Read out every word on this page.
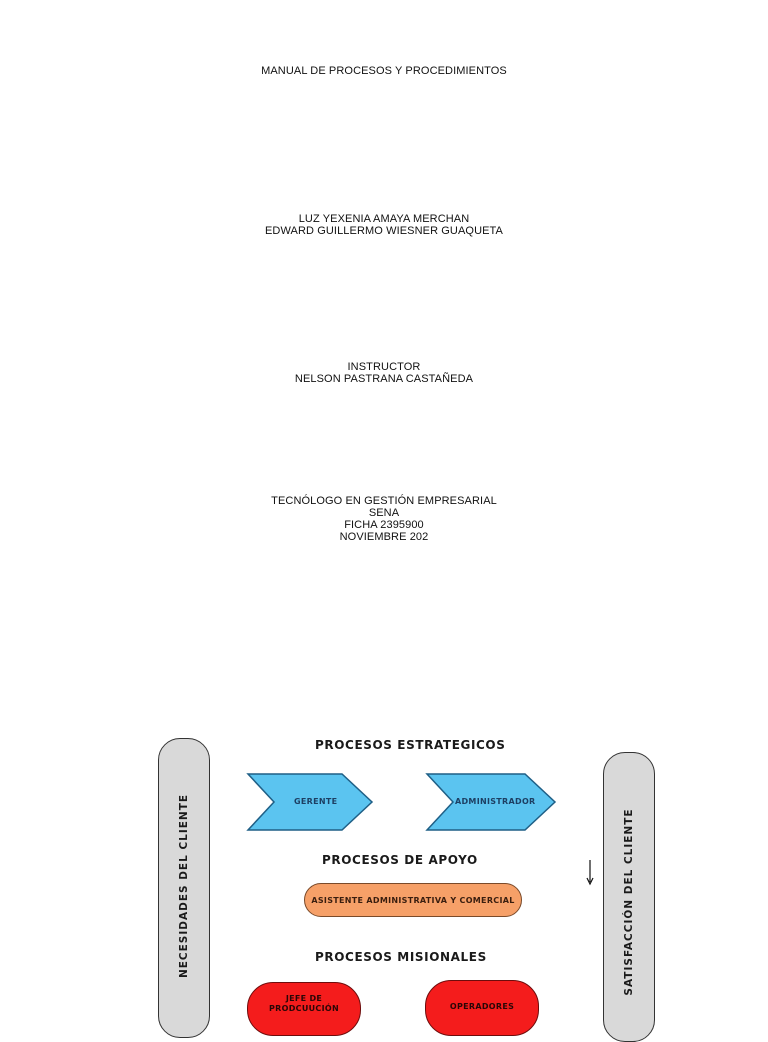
MANUAL DE PROCESOS Y PROCEDIMIENTOS
LUZ YEXENIA AMAYA MERCHAN
EDWARD GUILLERMO WIESNER GUAQUETA
INSTRUCTOR
NELSON PASTRANA CASTAÑEDA
TECNÓLOGO EN GESTIÓN EMPRESARIAL
SENA
FICHA 2395900
NOVIEMBRE 202
NECESIDADES DEL CLIENTE	SATISFACCIÓN DEL CLIENTE
PROCESOS ESTRATEGICOS
PROCESOS DE APOYO
PROCESOS MISIONALES
GERENTE	ADMINISTRADOR
ASISTENTE ADMINISTRATIVA Y COMERCIAL
JEFE DE PRODCUUCIÓN	OPERADORES
